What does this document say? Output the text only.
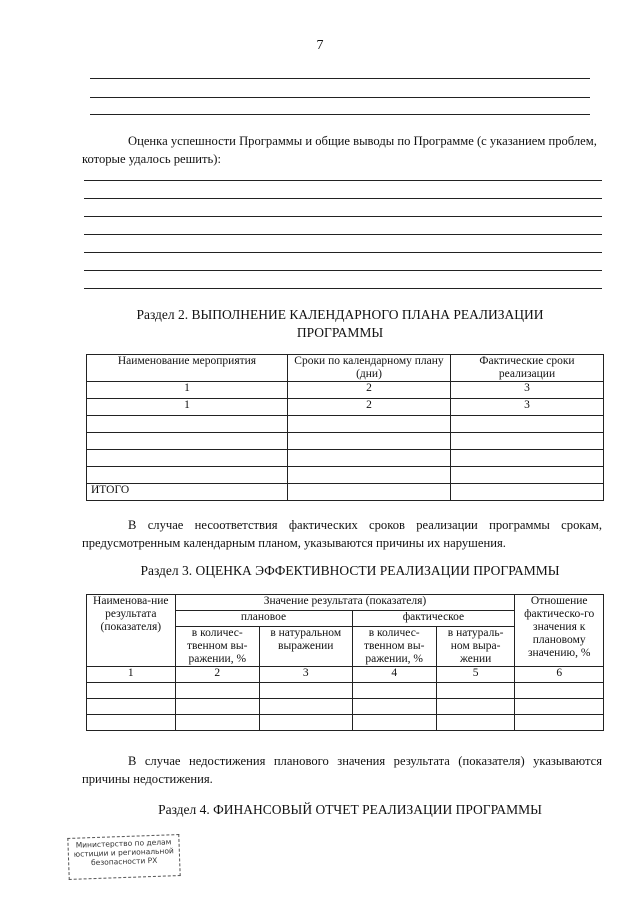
7
Оценка успешности Программы и общие выводы по Программе (с указанием проблем, которые удалось решить):
Раздел 2. ВЫПОЛНЕНИЕ КАЛЕНДАРНОГО ПЛАНА РЕАЛИЗАЦИИ ПРОГРАММЫ
Наименование мероприятия	Сроки по календарному плану (дни)	Фактические сроки реализации
1	2	3
1	2	3

ИТОГО		
В случае несоответствия фактических сроков реализации программы срокам, предусмотренным календарным планом, указываются причины их нарушения.
Раздел 3. ОЦЕНКА ЭФФЕКТИВНОСТИ РЕАЛИЗАЦИИ ПРОГРАММЫ
Наименова-ние результата (показателя)	Значение результата (показателя)				Отношение фактическо-го значения к плановому значению, %
	плановое		фактическое		
	в количес-твенном вы-ражении, %	в натуральном выражении	в количес-твенном вы-ражении, %	в натураль-ном выра-жении	
1	2	3	4	5	6

В случае недостижения планового значения результата (показателя) указываются причины недостижения.
Раздел 4. ФИНАНСОВЫЙ ОТЧЕТ РЕАЛИЗАЦИИ ПРОГРАММЫ
Министерство по делам юстиции и региональной безопасности РХ
